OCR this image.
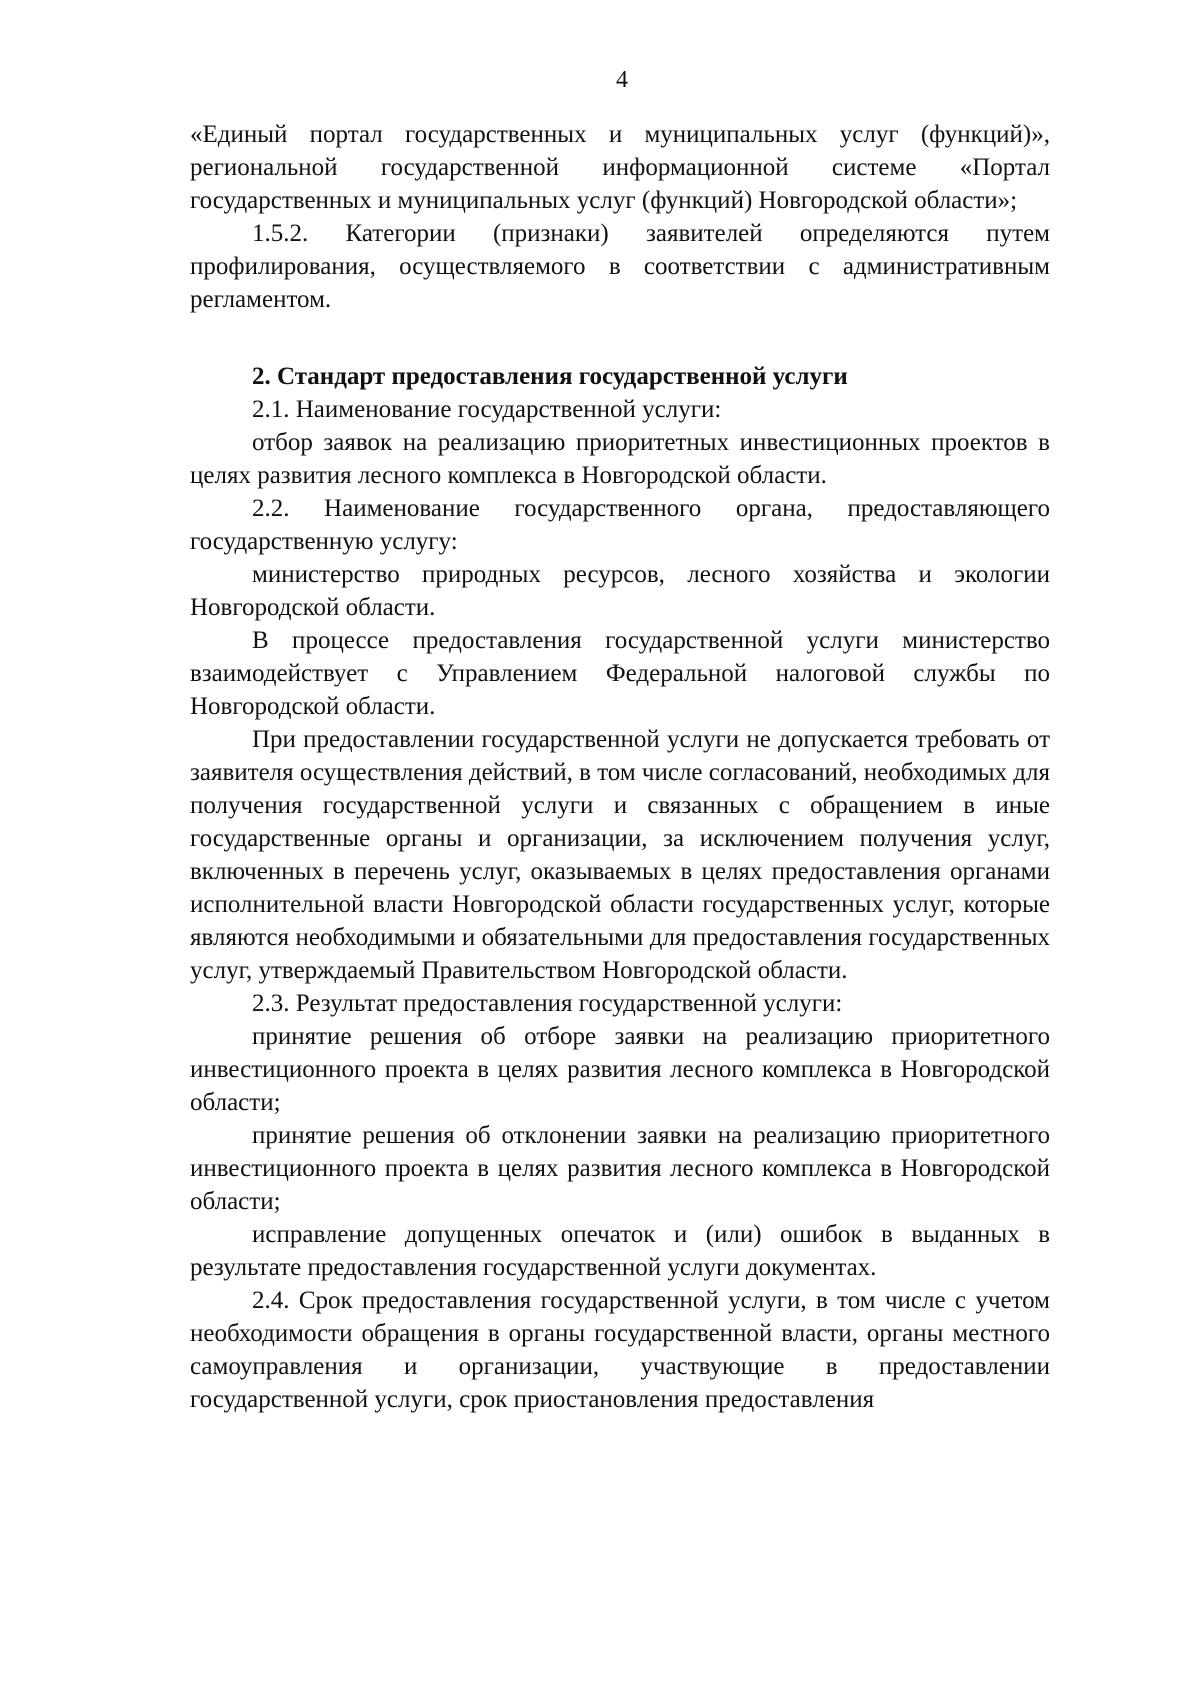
4

«Единый портал государственных и муниципальных услуг (функций)», региональной государственной информационной системе «Портал государственных и муниципальных услуг (функций) Новгородской области»;

1.5.2. Категории (признаки) заявителей определяются путем профилирования, осуществляемого в соответствии с административным регламентом.

2. Стандарт предоставления государственной услуги

2.1. Наименование государственной услуги:

отбор заявок на реализацию приоритетных инвестиционных проектов в целях развития лесного комплекса в Новгородской области.

2.2. Наименование государственного органа, предоставляющего государственную услугу:

министерство природных ресурсов, лесного хозяйства и экологии Новгородской области.

В процессе предоставления государственной услуги министерство взаимодействует с Управлением Федеральной налоговой службы по Новгородской области.

При предоставлении государственной услуги не допускается требовать от заявителя осуществления действий, в том числе согласований, необходимых для получения государственной услуги и связанных с обращением в иные государственные органы и организации, за исключением получения услуг, включенных в перечень услуг, оказываемых в целях предоставления органами исполнительной власти Новгородской области государственных услуг, которые являются необходимыми и обязательными для предоставления государственных услуг, утверждаемый Правительством Новгородской области.

2.3. Результат предоставления государственной услуги:

принятие решения об отборе заявки на реализацию приоритетного инвестиционного проекта в целях развития лесного комплекса в Новгородской области;

принятие решения об отклонении заявки на реализацию приоритетного инвестиционного проекта в целях развития лесного комплекса в Новгородской области;

исправление допущенных опечаток и (или) ошибок в выданных в результате предоставления государственной услуги документах.

2.4. Срок предоставления государственной услуги, в том числе с учетом необходимости обращения в органы государственной власти, органы местного самоуправления и организации, участвующие в предоставлении государственной услуги, срок приостановления предоставления
